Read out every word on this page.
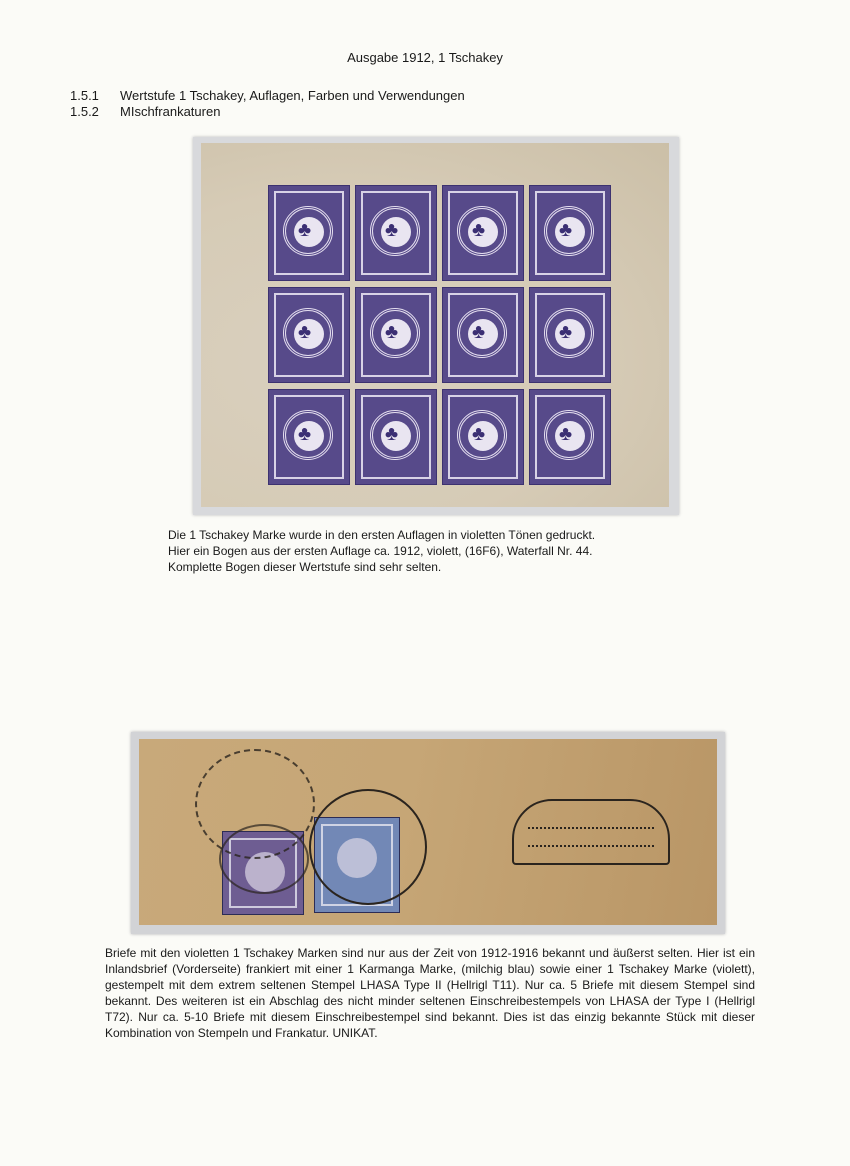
Ausgabe 1912, 1 Tschakey
1.5.1 Wertstufe 1 Tschakey, Auflagen, Farben und Verwendungen
1.5.2 MIschfrankaturen
♣	♣	♣	♣
♣	♣	♣	♣
♣	♣	♣	♣
Die 1 Tschakey Marke wurde in den ersten Auflagen in violetten Tönen gedruckt.
Hier ein Bogen aus der ersten Auflage ca. 1912, violett, (16F6), Waterfall Nr. 44.
Komplette Bogen dieser Wertstufe sind sehr selten.
Briefe mit den violetten 1 Tschakey Marken sind nur aus der Zeit von 1912-1916 bekannt und äußerst selten. Hier ist ein Inlandsbrief (Vorderseite) frankiert mit einer 1 Karmanga Marke, (milchig blau) sowie einer 1 Tschakey Marke (violett), gestempelt mit dem extrem seltenen Stempel LHASA Type II (Hellrigl T11). Nur ca. 5 Briefe mit diesem Stempel sind bekannt. Des weiteren ist ein Abschlag des nicht minder seltenen Einschreibestempels von LHASA der Type I (Hellrigl T72). Nur ca. 5-10 Briefe mit diesem Einschreibestempel sind bekannt. Dies ist das einzig bekannte Stück mit dieser Kombination von Stempeln und Frankatur. UNIKAT.
